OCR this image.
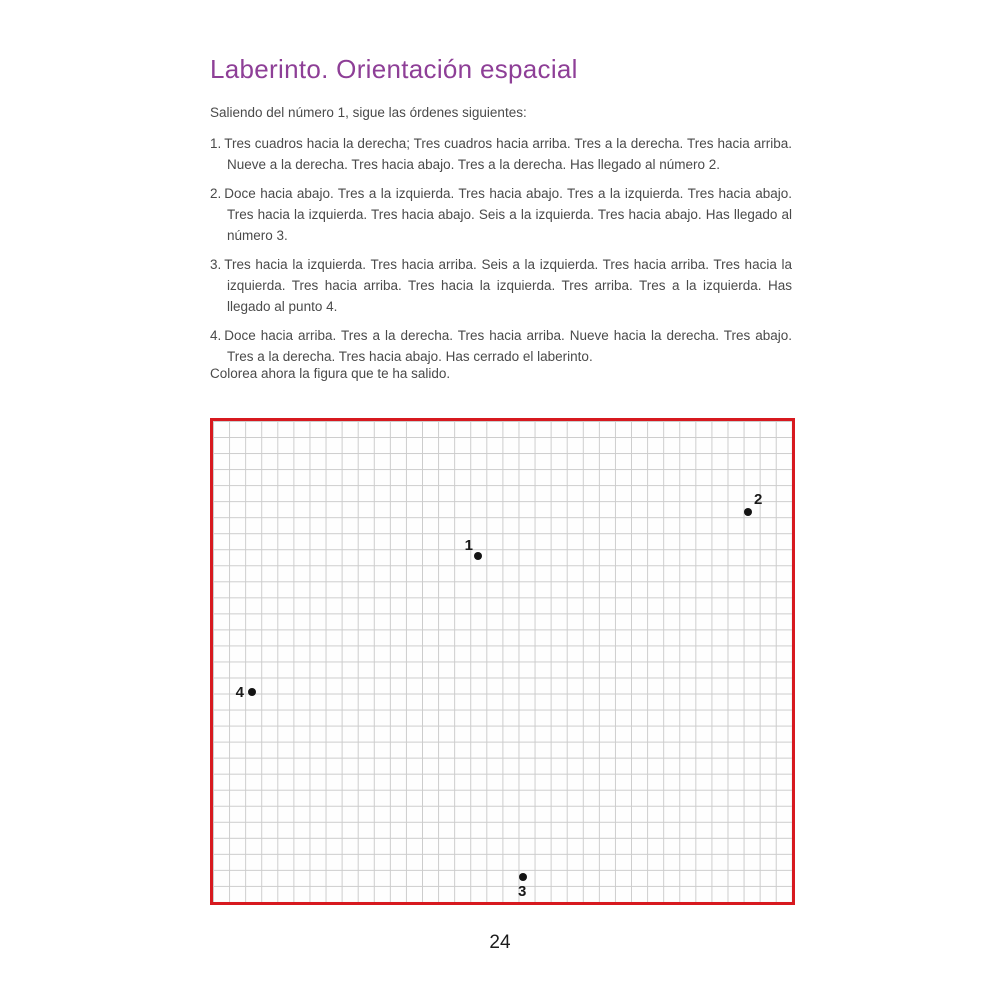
Laberinto. Orientación espacial

Saliendo del número 1, sigue las órdenes siguientes:

1. Tres cuadros hacia la derecha; Tres cuadros hacia arriba. Tres a la derecha. Tres hacia arriba. Nueve a la derecha. Tres hacia abajo. Tres a la derecha. Has llegado al número 2.

2. Doce hacia abajo. Tres a la izquierda. Tres hacia abajo. Tres a la izquierda. Tres hacia abajo. Tres hacia la izquierda. Tres hacia abajo. Seis a la izquierda. Tres hacia abajo. Has llegado al número 3.

3. Tres hacia la izquierda. Tres hacia arriba. Seis a la izquierda. Tres hacia arriba. Tres hacia la izquierda. Tres hacia arriba. Tres hacia la izquierda. Tres arriba. Tres a la izquierda. Has llegado al punto 4.

4. Doce hacia arriba. Tres a la derecha. Tres hacia arriba. Nueve hacia la derecha. Tres abajo. Tres a la derecha. Tres hacia abajo. Has cerrado el laberinto.

Colorea ahora la figura que te ha salido.

1
2
3
4
24
